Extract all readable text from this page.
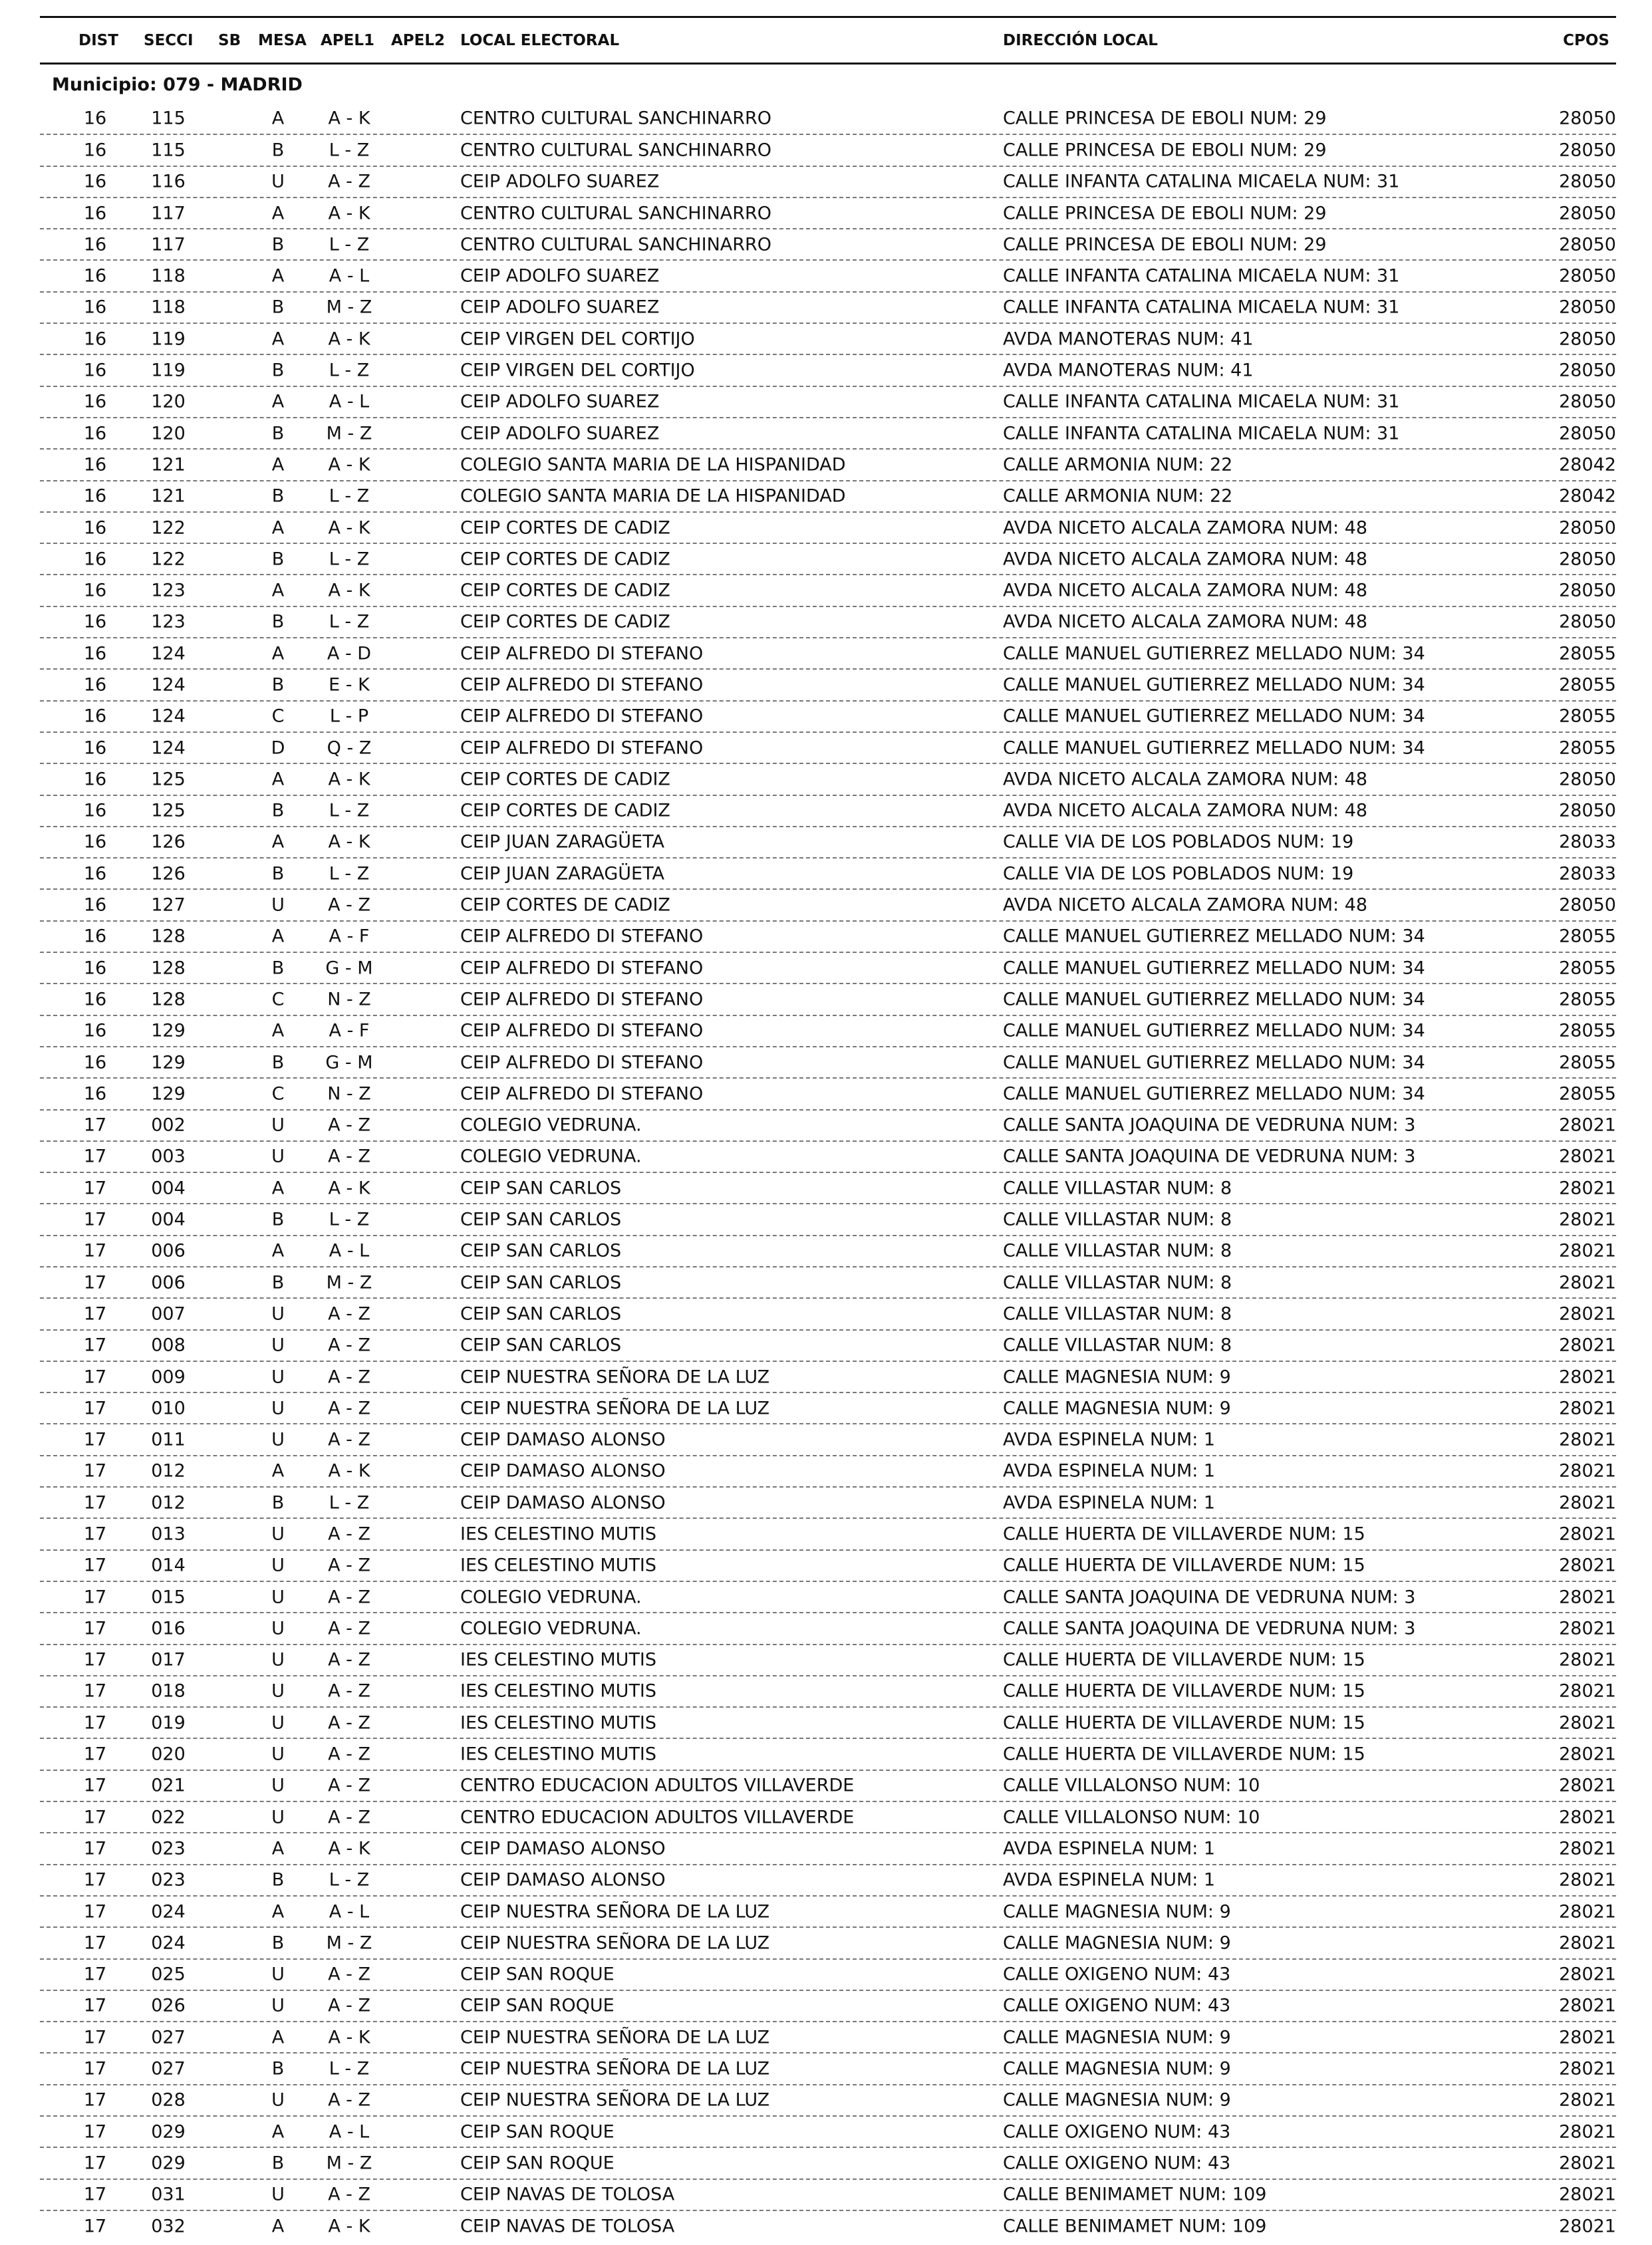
DIST SECCI SB MESA APEL1 APEL2 LOCAL ELECTORAL	DIRECCIÓN LOCAL	CPOS
Municipio: 079 - MADRID
16 115	A	A - K	CENTRO CULTURAL SANCHINARRO	CALLE PRINCESA DE EBOLI NUM: 29	28050
16 115	B	L - Z	CENTRO CULTURAL SANCHINARRO	CALLE PRINCESA DE EBOLI NUM: 29	28050
16 116	U	A - Z	CEIP ADOLFO SUAREZ	CALLE INFANTA CATALINA MICAELA NUM: 31	28050
16 117	A	A - K	CENTRO CULTURAL SANCHINARRO	CALLE PRINCESA DE EBOLI NUM: 29	28050
16 117	B	L - Z	CENTRO CULTURAL SANCHINARRO	CALLE PRINCESA DE EBOLI NUM: 29	28050
16 118	A	A - L	CEIP ADOLFO SUAREZ	CALLE INFANTA CATALINA MICAELA NUM: 31	28050
16 118	B	M - Z	CEIP ADOLFO SUAREZ	CALLE INFANTA CATALINA MICAELA NUM: 31	28050
16 119	A	A - K	CEIP VIRGEN DEL CORTIJO	AVDA MANOTERAS NUM: 41	28050
16 119	B	L - Z	CEIP VIRGEN DEL CORTIJO	AVDA MANOTERAS NUM: 41	28050
16 120	A	A - L	CEIP ADOLFO SUAREZ	CALLE INFANTA CATALINA MICAELA NUM: 31	28050
16 120	B	M - Z	CEIP ADOLFO SUAREZ	CALLE INFANTA CATALINA MICAELA NUM: 31	28050
16 121	A	A - K	COLEGIO SANTA MARIA DE LA HISPANIDAD	CALLE ARMONIA NUM: 22	28042
16 121	B	L - Z	COLEGIO SANTA MARIA DE LA HISPANIDAD	CALLE ARMONIA NUM: 22	28042
16 122	A	A - K	CEIP CORTES DE CADIZ	AVDA NICETO ALCALA ZAMORA NUM: 48	28050
16 122	B	L - Z	CEIP CORTES DE CADIZ	AVDA NICETO ALCALA ZAMORA NUM: 48	28050
16 123	A	A - K	CEIP CORTES DE CADIZ	AVDA NICETO ALCALA ZAMORA NUM: 48	28050
16 123	B	L - Z	CEIP CORTES DE CADIZ	AVDA NICETO ALCALA ZAMORA NUM: 48	28050
16 124	A	A - D	CEIP ALFREDO DI STEFANO	CALLE MANUEL GUTIERREZ MELLADO NUM: 34	28055
16 124	B	E - K	CEIP ALFREDO DI STEFANO	CALLE MANUEL GUTIERREZ MELLADO NUM: 34	28055
16 124	C	L - P	CEIP ALFREDO DI STEFANO	CALLE MANUEL GUTIERREZ MELLADO NUM: 34	28055
16 124	D	Q - Z	CEIP ALFREDO DI STEFANO	CALLE MANUEL GUTIERREZ MELLADO NUM: 34	28055
16 125	A	A - K	CEIP CORTES DE CADIZ	AVDA NICETO ALCALA ZAMORA NUM: 48	28050
16 125	B	L - Z	CEIP CORTES DE CADIZ	AVDA NICETO ALCALA ZAMORA NUM: 48	28050
16 126	A	A - K	CEIP JUAN ZARAGÜETA	CALLE VIA DE LOS POBLADOS NUM: 19	28033
16 126	B	L - Z	CEIP JUAN ZARAGÜETA	CALLE VIA DE LOS POBLADOS NUM: 19	28033
16 127	U	A - Z	CEIP CORTES DE CADIZ	AVDA NICETO ALCALA ZAMORA NUM: 48	28050
16 128	A	A - F	CEIP ALFREDO DI STEFANO	CALLE MANUEL GUTIERREZ MELLADO NUM: 34	28055
16 128	B	G - M	CEIP ALFREDO DI STEFANO	CALLE MANUEL GUTIERREZ MELLADO NUM: 34	28055
16 128	C	N - Z	CEIP ALFREDO DI STEFANO	CALLE MANUEL GUTIERREZ MELLADO NUM: 34	28055
16 129	A	A - F	CEIP ALFREDO DI STEFANO	CALLE MANUEL GUTIERREZ MELLADO NUM: 34	28055
16 129	B	G - M	CEIP ALFREDO DI STEFANO	CALLE MANUEL GUTIERREZ MELLADO NUM: 34	28055
16 129	C	N - Z	CEIP ALFREDO DI STEFANO	CALLE MANUEL GUTIERREZ MELLADO NUM: 34	28055
17 002	U	A - Z	COLEGIO VEDRUNA.	CALLE SANTA JOAQUINA DE VEDRUNA NUM: 3	28021
17 003	U	A - Z	COLEGIO VEDRUNA.	CALLE SANTA JOAQUINA DE VEDRUNA NUM: 3	28021
17 004	A	A - K	CEIP SAN CARLOS	CALLE VILLASTAR NUM: 8	28021
17 004	B	L - Z	CEIP SAN CARLOS	CALLE VILLASTAR NUM: 8	28021
17 006	A	A - L	CEIP SAN CARLOS	CALLE VILLASTAR NUM: 8	28021
17 006	B	M - Z	CEIP SAN CARLOS	CALLE VILLASTAR NUM: 8	28021
17 007	U	A - Z	CEIP SAN CARLOS	CALLE VILLASTAR NUM: 8	28021
17 008	U	A - Z	CEIP SAN CARLOS	CALLE VILLASTAR NUM: 8	28021
17 009	U	A - Z	CEIP NUESTRA SEÑORA DE LA LUZ	CALLE MAGNESIA NUM: 9	28021
17 010	U	A - Z	CEIP NUESTRA SEÑORA DE LA LUZ	CALLE MAGNESIA NUM: 9	28021
17 011	U	A - Z	CEIP DAMASO ALONSO	AVDA ESPINELA NUM: 1	28021
17 012	A	A - K	CEIP DAMASO ALONSO	AVDA ESPINELA NUM: 1	28021
17 012	B	L - Z	CEIP DAMASO ALONSO	AVDA ESPINELA NUM: 1	28021
17 013	U	A - Z	IES CELESTINO MUTIS	CALLE HUERTA DE VILLAVERDE NUM: 15	28021
17 014	U	A - Z	IES CELESTINO MUTIS	CALLE HUERTA DE VILLAVERDE NUM: 15	28021
17 015	U	A - Z	COLEGIO VEDRUNA.	CALLE SANTA JOAQUINA DE VEDRUNA NUM: 3	28021
17 016	U	A - Z	COLEGIO VEDRUNA.	CALLE SANTA JOAQUINA DE VEDRUNA NUM: 3	28021
17 017	U	A - Z	IES CELESTINO MUTIS	CALLE HUERTA DE VILLAVERDE NUM: 15	28021
17 018	U	A - Z	IES CELESTINO MUTIS	CALLE HUERTA DE VILLAVERDE NUM: 15	28021
17 019	U	A - Z	IES CELESTINO MUTIS	CALLE HUERTA DE VILLAVERDE NUM: 15	28021
17 020	U	A - Z	IES CELESTINO MUTIS	CALLE HUERTA DE VILLAVERDE NUM: 15	28021
17 021	U	A - Z	CENTRO EDUCACION ADULTOS VILLAVERDE	CALLE VILLALONSO NUM: 10	28021
17 022	U	A - Z	CENTRO EDUCACION ADULTOS VILLAVERDE	CALLE VILLALONSO NUM: 10	28021
17 023	A	A - K	CEIP DAMASO ALONSO	AVDA ESPINELA NUM: 1	28021
17 023	B	L - Z	CEIP DAMASO ALONSO	AVDA ESPINELA NUM: 1	28021
17 024	A	A - L	CEIP NUESTRA SEÑORA DE LA LUZ	CALLE MAGNESIA NUM: 9	28021
17 024	B	M - Z	CEIP NUESTRA SEÑORA DE LA LUZ	CALLE MAGNESIA NUM: 9	28021
17 025	U	A - Z	CEIP SAN ROQUE	CALLE OXIGENO NUM: 43	28021
17 026	U	A - Z	CEIP SAN ROQUE	CALLE OXIGENO NUM: 43	28021
17 027	A	A - K	CEIP NUESTRA SEÑORA DE LA LUZ	CALLE MAGNESIA NUM: 9	28021
17 027	B	L - Z	CEIP NUESTRA SEÑORA DE LA LUZ	CALLE MAGNESIA NUM: 9	28021
17 028	U	A - Z	CEIP NUESTRA SEÑORA DE LA LUZ	CALLE MAGNESIA NUM: 9	28021
17 029	A	A - L	CEIP SAN ROQUE	CALLE OXIGENO NUM: 43	28021
17 029	B	M - Z	CEIP SAN ROQUE	CALLE OXIGENO NUM: 43	28021
17 031	U	A - Z	CEIP NAVAS DE TOLOSA	CALLE BENIMAMET NUM: 109	28021
17 032	A	A - K	CEIP NAVAS DE TOLOSA	CALLE BENIMAMET NUM: 109	28021
